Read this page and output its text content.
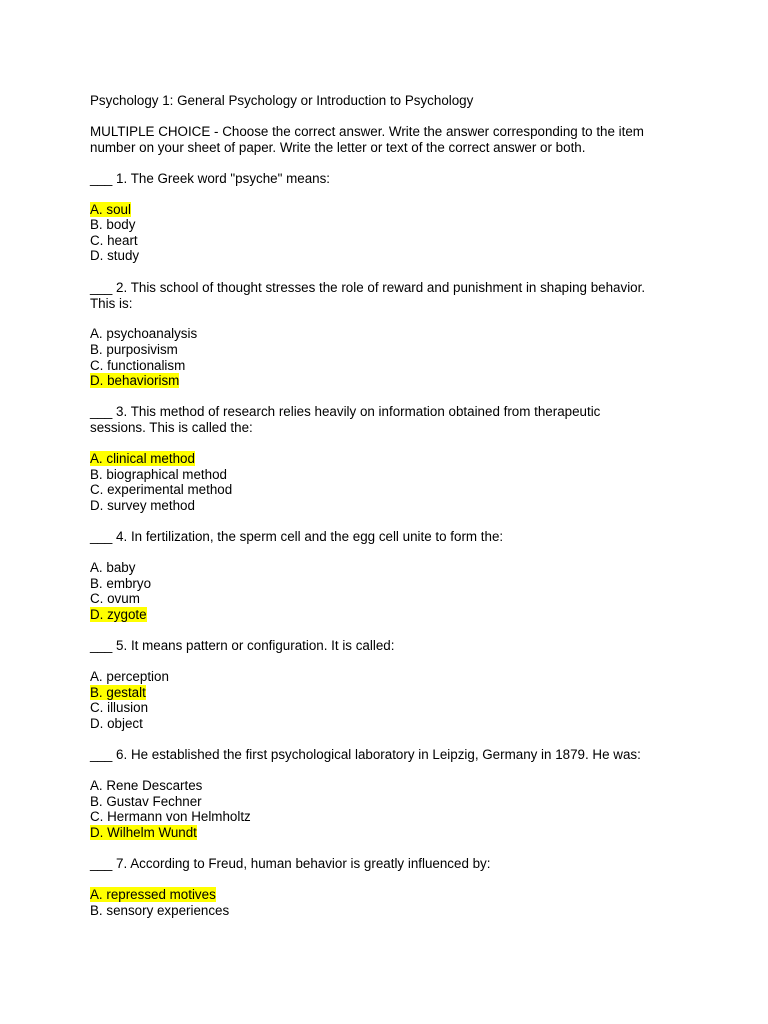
Psychology 1: General Psychology or Introduction to Psychology
MULTIPLE CHOICE - Choose the correct answer. Write the answer corresponding to the item number on your sheet of paper. Write the letter or text of the correct answer or both.
___ 1. The Greek word "psyche" means:
A. soul
B. body
C. heart
D. study
___ 2. This school of thought stresses the role of reward and punishment in shaping behavior. This is:
A. psychoanalysis
B. purposivism
C. functionalism
D. behaviorism
___ 3. This method of research relies heavily on information obtained from therapeutic sessions. This is called the:
A. clinical method
B. biographical method
C. experimental method
D. survey method
___ 4. In fertilization, the sperm cell and the egg cell unite to form the:
A. baby
B. embryo
C. ovum
D. zygote
___ 5. It means pattern or configuration. It is called:
A. perception
B. gestalt
C. illusion
D. object
___ 6. He established the first psychological laboratory in Leipzig, Germany in 1879. He was:
A. Rene Descartes
B. Gustav Fechner
C. Hermann von Helmholtz
D. Wilhelm Wundt
___ 7. According to Freud, human behavior is greatly influenced by:
A. repressed motives
B. sensory experiences
